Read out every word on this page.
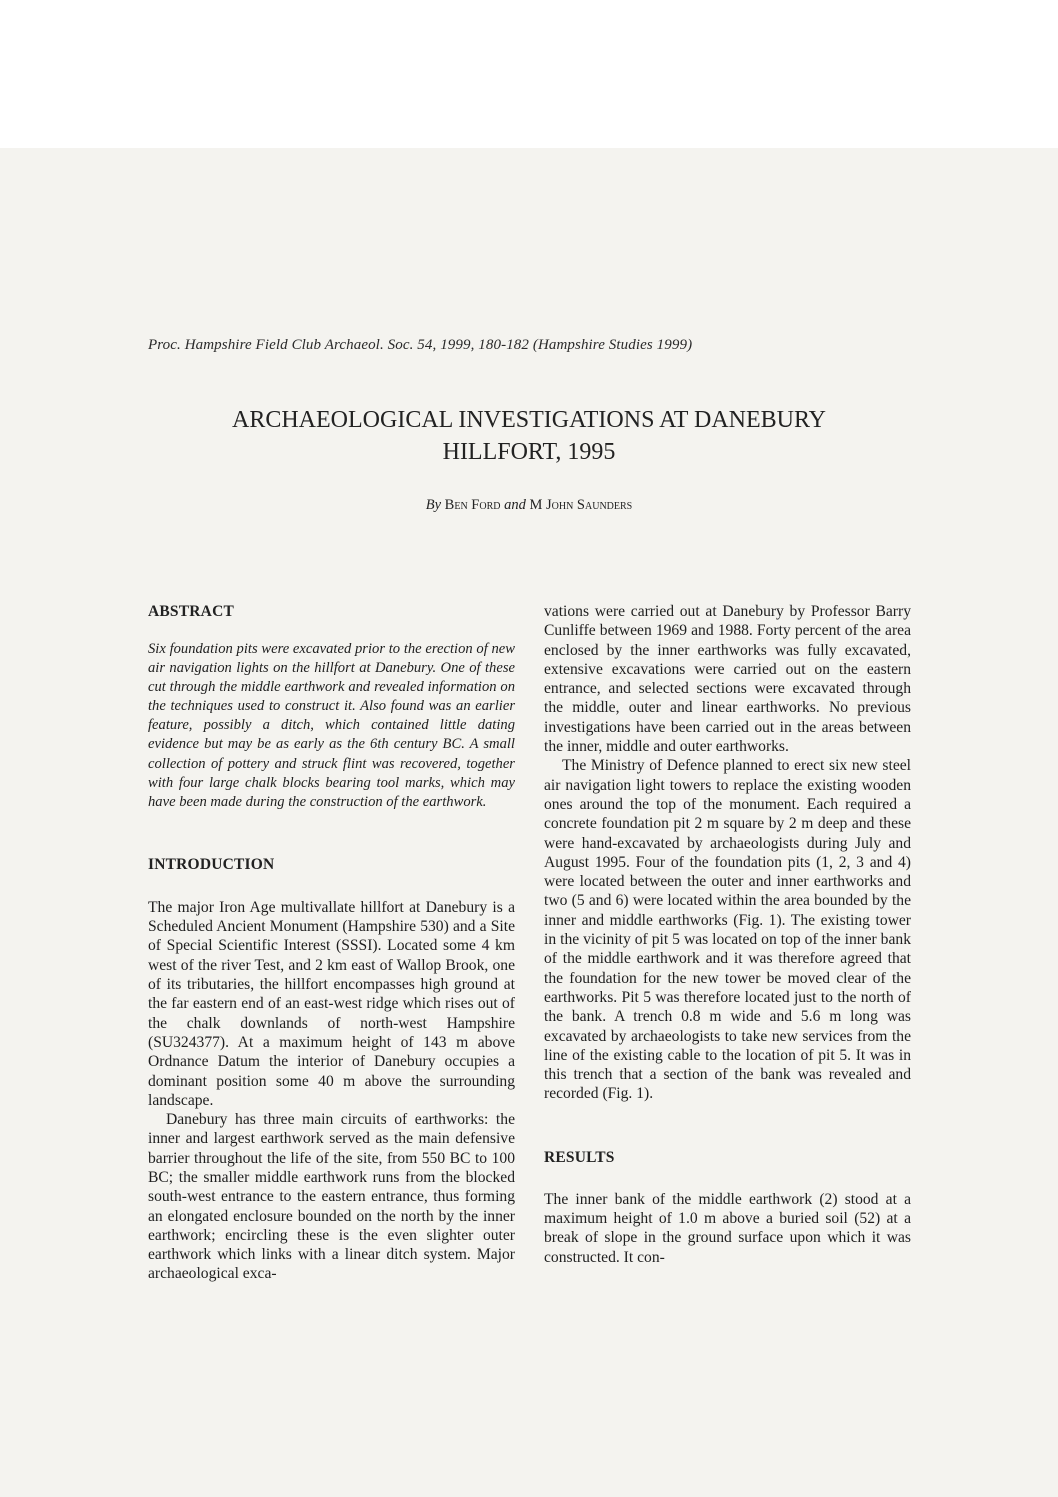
Proc. Hampshire Field Club Archaeol. Soc. 54, 1999, 180-182 (Hampshire Studies 1999)
ARCHAEOLOGICAL INVESTIGATIONS AT DANEBURY
HILLFORT, 1995
By Ben Ford and M John Saunders
ABSTRACT

Six foundation pits were excavated prior to the erection of new air navigation lights on the hillfort at Danebury. One of these cut through the middle earthwork and revealed information on the techniques used to construct it. Also found was an earlier feature, possibly a ditch, which contained little dating evidence but may be as early as the 6th century BC. A small collection of pottery and struck flint was recovered, together with four large chalk blocks bearing tool marks, which may have been made during the construction of the earthwork.

INTRODUCTION

The major Iron Age multivallate hillfort at Danebury is a Scheduled Ancient Monument (Hampshire 530) and a Site of Special Scientific Interest (SSSI). Located some 4 km west of the river Test, and 2 km east of Wallop Brook, one of its tributaries, the hillfort encompasses high ground at the far eastern end of an east-west ridge which rises out of the chalk downlands of north-west Hampshire (SU324377). At a maximum height of 143 m above Ordnance Datum the interior of Danebury occupies a dominant position some 40 m above the surrounding landscape.

Danebury has three main circuits of earthworks: the inner and largest earthwork served as the main defensive barrier throughout the life of the site, from 550 BC to 100 BC; the smaller middle earthwork runs from the blocked south-west entrance to the eastern entrance, thus forming an elongated enclosure bounded on the north by the inner earthwork; encircling these is the even slighter outer earthwork which links with a linear ditch system. Major archaeological exca-

vations were carried out at Danebury by Professor Barry Cunliffe between 1969 and 1988. Forty percent of the area enclosed by the inner earthworks was fully excavated, extensive excavations were carried out on the eastern entrance, and selected sections were excavated through the middle, outer and linear earthworks. No previous investigations have been carried out in the areas between the inner, middle and outer earthworks.

The Ministry of Defence planned to erect six new steel air navigation light towers to replace the existing wooden ones around the top of the monument. Each required a concrete foundation pit 2 m square by 2 m deep and these were hand-excavated by archaeologists during July and August 1995. Four of the foundation pits (1, 2, 3 and 4) were located between the outer and inner earthworks and two (5 and 6) were located within the area bounded by the inner and middle earthworks (Fig. 1). The existing tower in the vicinity of pit 5 was located on top of the inner bank of the middle earthwork and it was therefore agreed that the foundation for the new tower be moved clear of the earthworks. Pit 5 was therefore located just to the north of the bank. A trench 0.8 m wide and 5.6 m long was excavated by archaeologists to take new services from the line of the existing cable to the location of pit 5. It was in this trench that a section of the bank was revealed and recorded (Fig. 1).

RESULTS

The inner bank of the middle earthwork (2) stood at a maximum height of 1.0 m above a buried soil (52) at a break of slope in the ground surface upon which it was constructed. It con-
